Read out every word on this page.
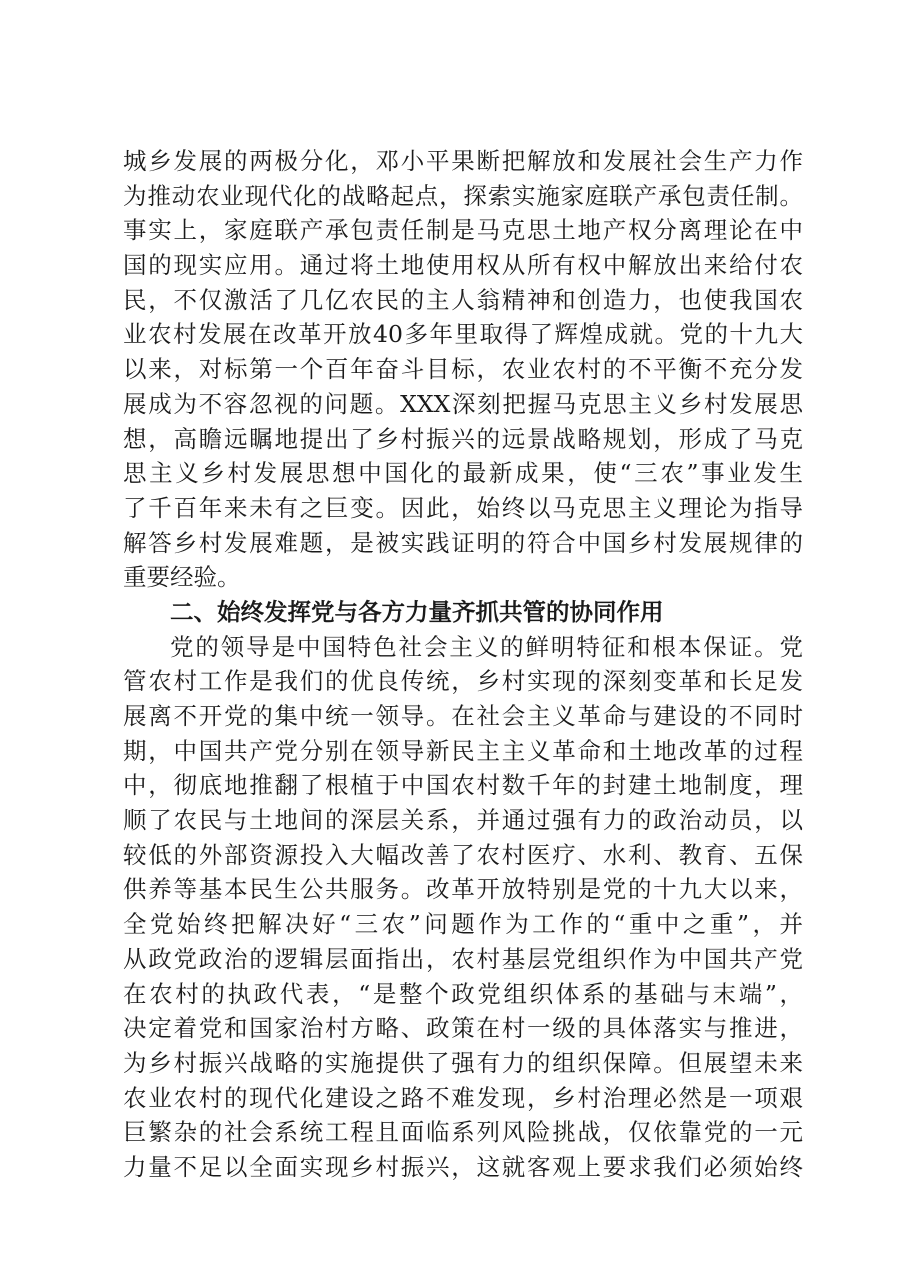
城乡发展的两极分化，邓小平果断把解放和发展社会生产力作
为推动农业现代化的战略起点，探索实施家庭联产承包责任制。
事实上，家庭联产承包责任制是马克思土地产权分离理论在中
国的现实应用。通过将土地使用权从所有权中解放出来给付农
民，不仅激活了几亿农民的主人翁精神和创造力，也使我国农
业农村发展在改革开放40多年里取得了辉煌成就。党的十九大
以来，对标第一个百年奋斗目标，农业农村的不平衡不充分发
展成为不容忽视的问题。XXX深刻把握马克思主义乡村发展思
想，高瞻远瞩地提出了乡村振兴的远景战略规划，形成了马克
思主义乡村发展思想中国化的最新成果，使“三农”事业发生
了千百年来未有之巨变。因此，始终以马克思主义理论为指导
解答乡村发展难题，是被实践证明的符合中国乡村发展规律的
重要经验。
二、始终发挥党与各方力量齐抓共管的协同作用
党的领导是中国特色社会主义的鲜明特征和根本保证。党
管农村工作是我们的优良传统，乡村实现的深刻变革和长足发
展离不开党的集中统一领导。在社会主义革命与建设的不同时
期，中国共产党分别在领导新民主主义革命和土地改革的过程
中，彻底地推翻了根植于中国农村数千年的封建土地制度，理
顺了农民与土地间的深层关系，并通过强有力的政治动员，以
较低的外部资源投入大幅改善了农村医疗、水利、教育、五保
供养等基本民生公共服务。改革开放特别是党的十九大以来，
全党始终把解决好“三农”问题作为工作的“重中之重”，并
从政党政治的逻辑层面指出，农村基层党组织作为中国共产党
在农村的执政代表，“是整个政党组织体系的基础与末端”，
决定着党和国家治村方略、政策在村一级的具体落实与推进，
为乡村振兴战略的实施提供了强有力的组织保障。但展望未来
农业农村的现代化建设之路不难发现，乡村治理必然是一项艰
巨繁杂的社会系统工程且面临系列风险挑战，仅依靠党的一元
力量不足以全面实现乡村振兴，这就客观上要求我们必须始终
